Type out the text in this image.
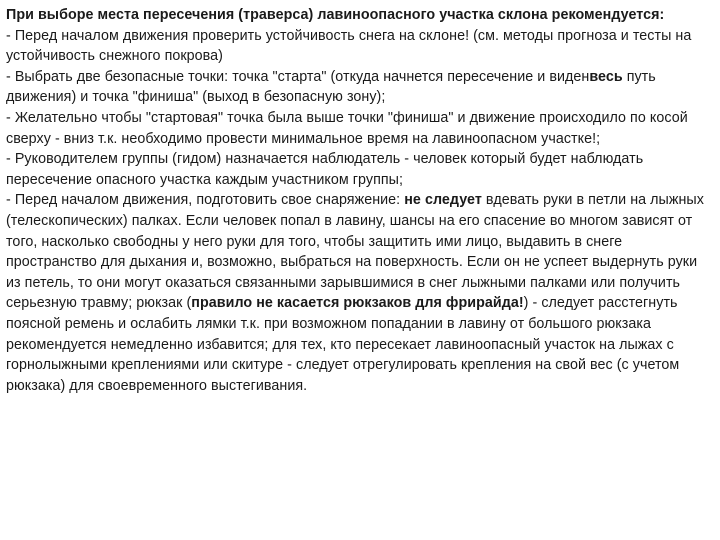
При выборе места пересечения (траверса) лавиноопасного участка склона рекомендуется:

- Перед началом движения проверить устойчивость снега на склоне! (см. методы прогноза и тесты на устойчивость снежного покрова)

- Выбрать две безопасные точки: точка "старта" (откуда начнется пересечение и виденвесь путь движения) и точка "финиша" (выход в безопасную зону);

- Желательно чтобы "стартовая" точка была выше точки "финиша" и движение происходило по косой сверху - вниз т.к. необходимо провести минимальное время на лавиноопасном участке!;

- Руководителем группы (гидом) назначается наблюдатель - человек который будет наблюдать пересечение опасного участка каждым участником группы;

- Перед началом движения, подготовить свое снаряжение: не следует вдевать руки в петли на лыжных (телескопических) палках. Если человек попал в лавину, шансы на его спасение во многом зависят от того, насколько свободны у него руки для того, чтобы защитить ими лицо, выдавить в снеге пространство для дыхания и, возможно, выбраться на поверхность. Если он не успеет выдернуть руки из петель, то они могут оказаться связанными зарывшимися в снег лыжными палками или получить серьезную травму; рюкзак (правило не касается рюкзаков для фрирайда!) - следует расстегнуть поясной ремень и ослабить лямки т.к. при возможном попадании в лавину от большого рюкзака рекомендуется немедленно избавится; для тех, кто пересекает лавиноопасный участок на лыжах с горнолыжными креплениями или скитуре - следует отрегулировать крепления на свой вес (с учетом рюкзака) для своевременного выстегивания.
